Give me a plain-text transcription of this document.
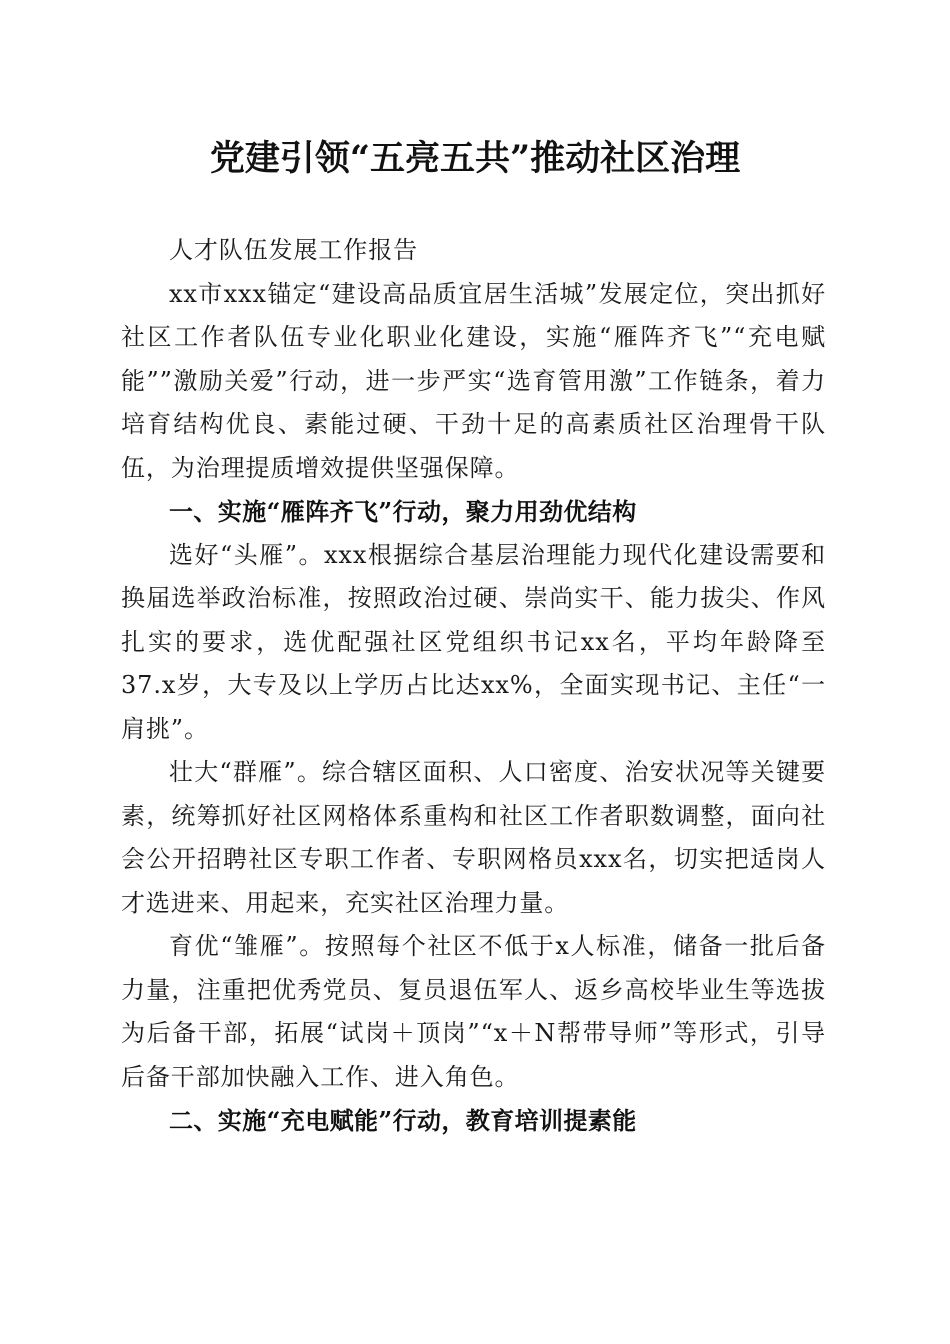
党建引领“五亮五共”推动社区治理

人才队伍发展工作报告

xx市xxx锚定“建设高品质宜居生活城”发展定位，突出抓好社区工作者队伍专业化职业化建设，实施“雁阵齐飞”“充电赋能””激励关爱”行动，进一步严实“选育管用激”工作链条，着力培育结构优良、素能过硬、干劲十足的高素质社区治理骨干队伍，为治理提质增效提供坚强保障。

一、实施“雁阵齐飞”行动，聚力用劲优结构

选好“头雁”。xxx根据综合基层治理能力现代化建设需要和换届选举政治标准，按照政治过硬、崇尚实干、能力拔尖、作风扎实的要求，选优配强社区党组织书记xx名，平均年龄降至37.x岁，大专及以上学历占比达xx%，全面实现书记、主任“一肩挑”。

壮大“群雁”。综合辖区面积、人口密度、治安状况等关键要素，统筹抓好社区网格体系重构和社区工作者职数调整，面向社会公开招聘社区专职工作者、专职网格员xxx名，切实把适岗人才选进来、用起来，充实社区治理力量。

育优“雏雁”。按照每个社区不低于x人标准，储备一批后备力量，注重把优秀党员、复员退伍军人、返乡高校毕业生等选拔为后备干部，拓展“试岗＋顶岗”“x＋N帮带导师”等形式，引导后备干部加快融入工作、进入角色。

二、实施“充电赋能”行动，教育培训提素能
